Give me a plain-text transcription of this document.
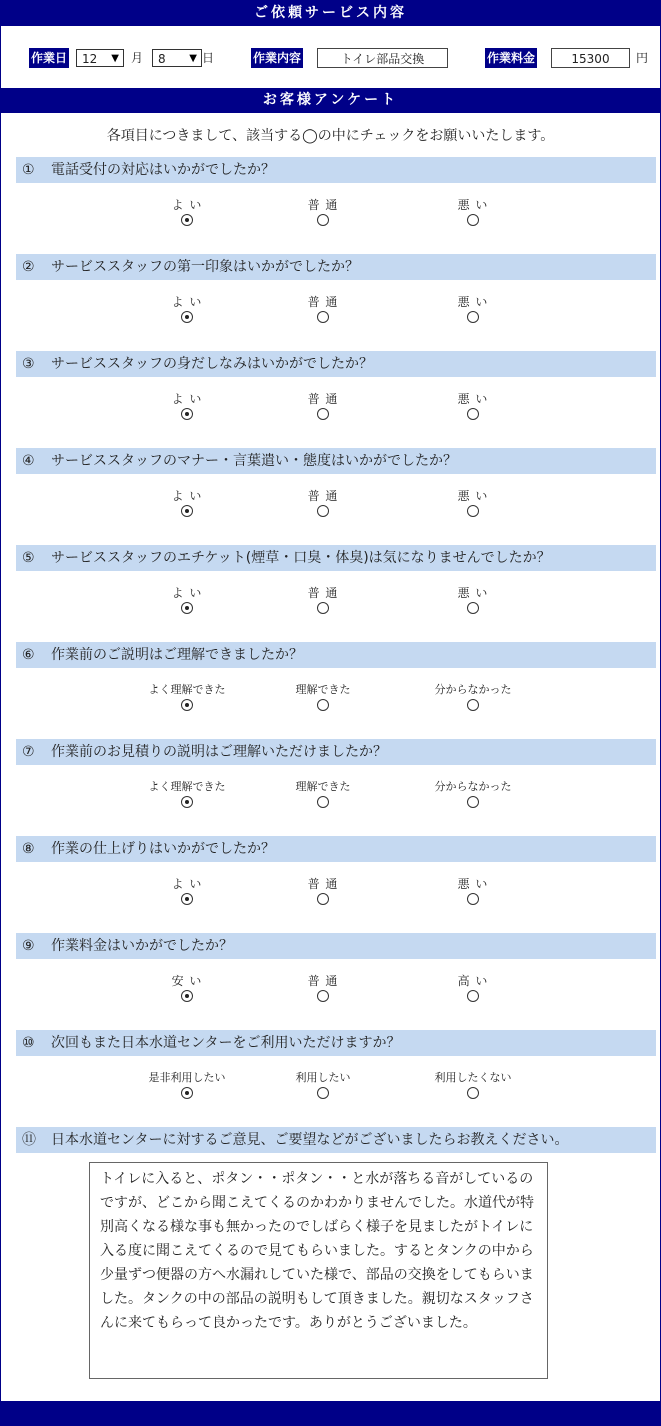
ご依頼サービス内容
作業日 12 ▼ 月 8 ▼ 日	作業内容	トイレ部品交換	作業料金	15300	円
お客様アンケート
各項目につきまして、該当する◯の中にチェックをお願いいたします。
① 電話受付の対応はいかがでしたか？
よ い	普 通	悪 い
② サービススタッフの第一印象はいかがでしたか？
よ い	普 通	悪 い
③ サービススタッフの身だしなみはいかがでしたか？
よ い	普 通	悪 い
④ サービススタッフのマナー・言葉遣い・態度はいかがでしたか？
よ い	普 通	悪 い
⑤ サービススタッフのエチケット(煙草・口臭・体臭)は気になりませんでしたか？
よ い	普 通	悪 い
⑥ 作業前のご説明はご理解できましたか？
よく理解できた	理解できた	分からなかった
⑦ 作業前のお見積りの説明はご理解いただけましたか？
よく理解できた	理解できた	分からなかった
⑧ 作業の仕上げりはいかがでしたか？
よ い	普 通	悪 い
⑨ 作業料金はいかがでしたか？
安 い	普 通	高 い
⑩ 次回もまた日本水道センターをご利用いただけますか？
是非利用したい	利用したい	利用したくない
⑪ 日本水道センターに対するご意見、ご要望などがございましたらお教えください。
トイレに入ると、ポタン・・ポタン・・と水が落ちる音がしているのですが、どこから聞こえてくるのかわかりませんでした。水道代が特別高くなる様な事も無かったのでしばらく様子を見ましたがトイレに入る度に聞こえてくるので見てもらいました。するとタンクの中から少量ずつ便器の方へ水漏れしていた様で、部品の交換をしてもらいました。タンクの中の部品の説明もして頂きました。親切なスタッフさんに来てもらって良かったです。ありがとうございました。
